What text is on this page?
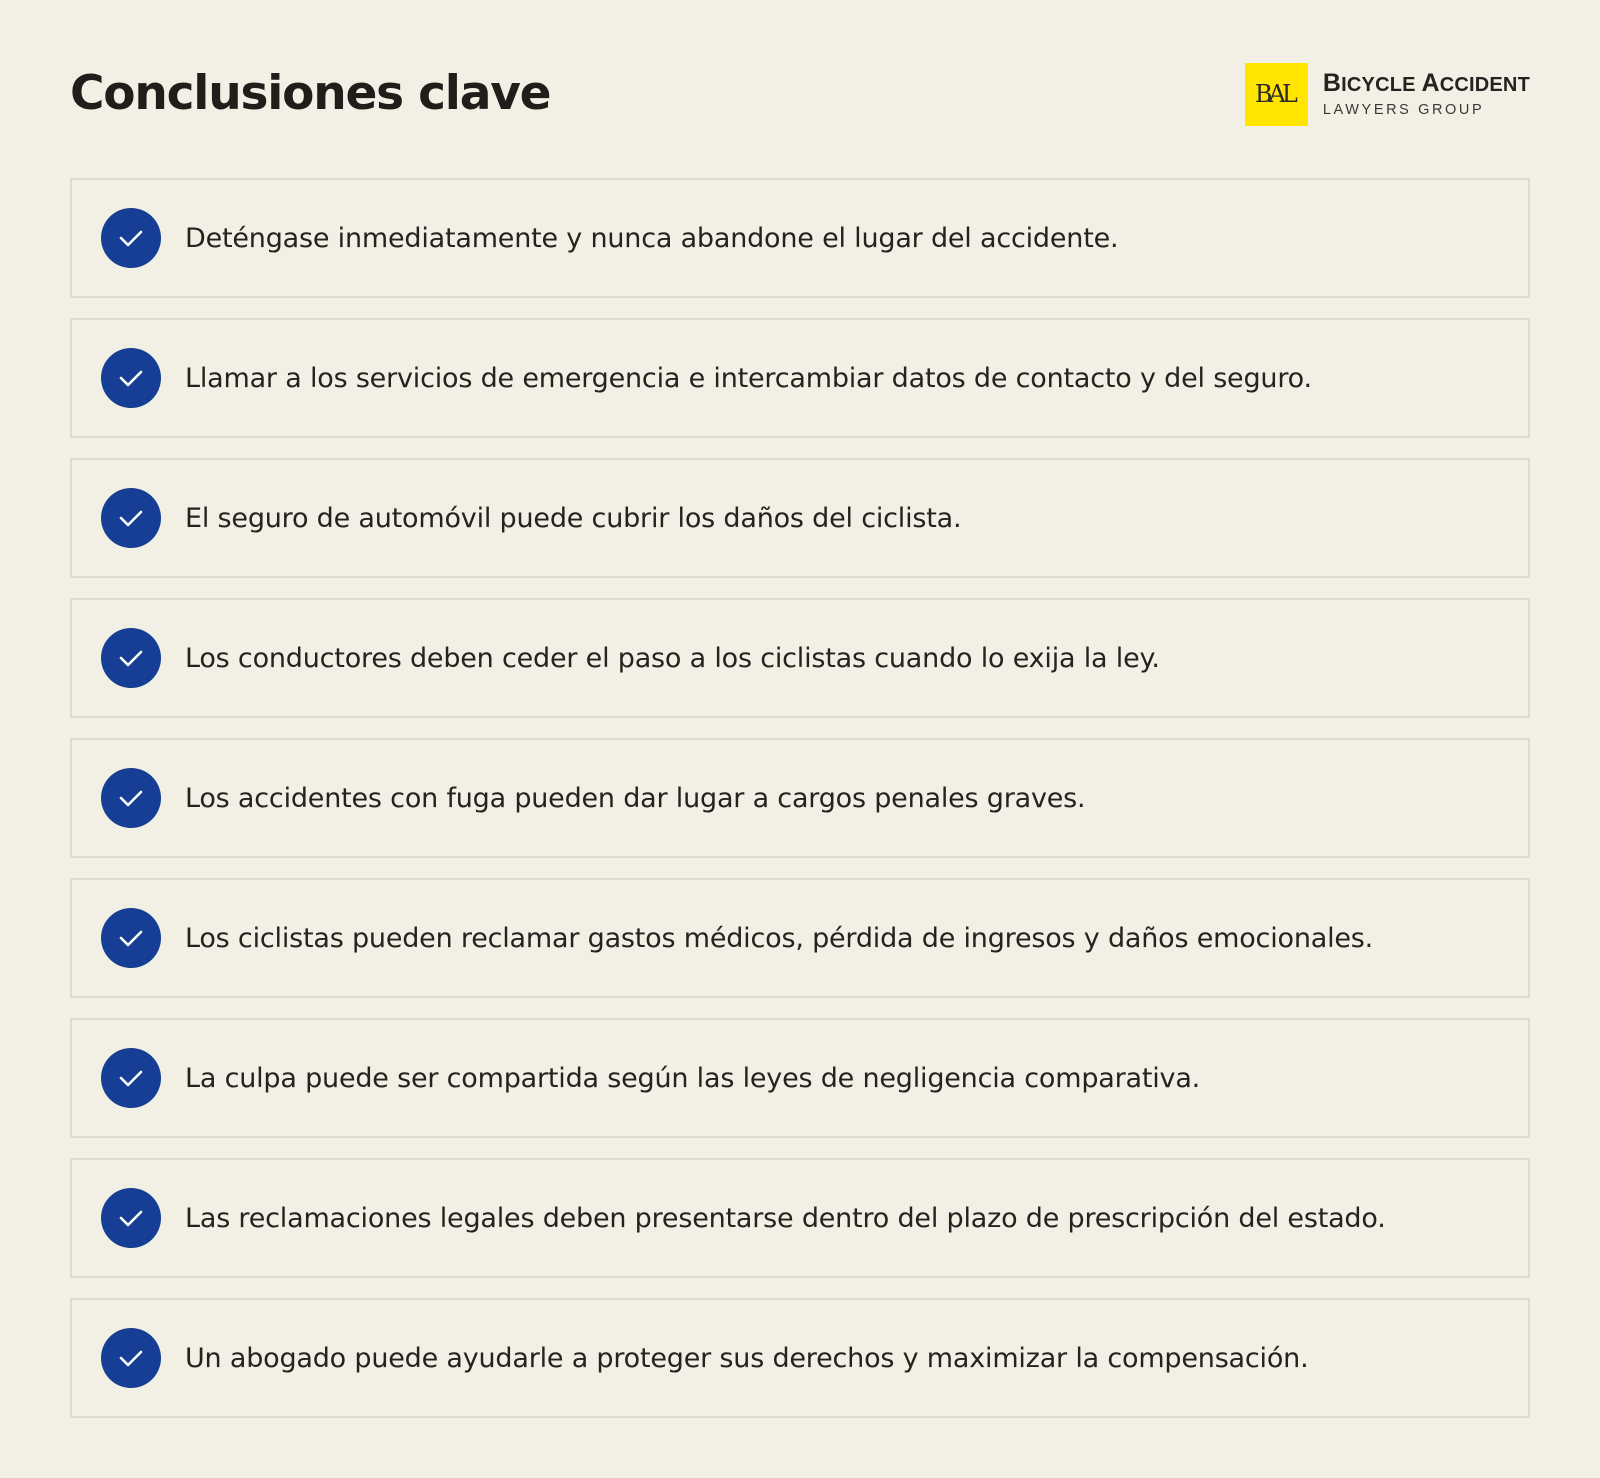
Conclusiones clave	BAL BICYCLE ACCIDENT
LAWYERS GROUP
Deténgase inmediatamente y nunca abandone el lugar del accidente.
Llamar a los servicios de emergencia e intercambiar datos de contacto y del seguro.
El seguro de automóvil puede cubrir los daños del ciclista.
Los conductores deben ceder el paso a los ciclistas cuando lo exija la ley.
Los accidentes con fuga pueden dar lugar a cargos penales graves.
Los ciclistas pueden reclamar gastos médicos, pérdida de ingresos y daños emocionales.
La culpa puede ser compartida según las leyes de negligencia comparativa.
Las reclamaciones legales deben presentarse dentro del plazo de prescripción del estado.
Un abogado puede ayudarle a proteger sus derechos y maximizar la compensación.
